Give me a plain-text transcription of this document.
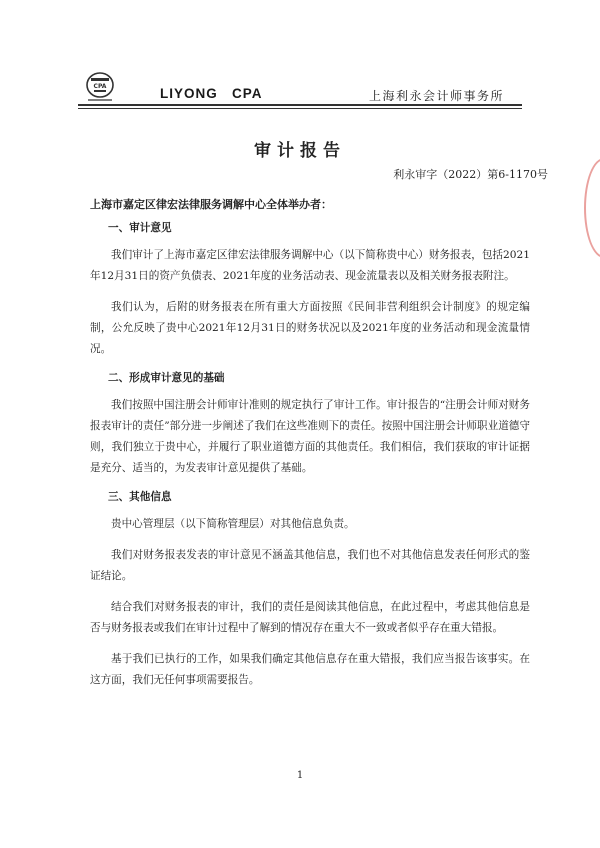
CPA	LIYONG   CPA	上海利永会计师事务所
审计报告
利永审字（2022）第6-1170号
上海市嘉定区律宏法律服务调解中心全体举办者：

一、审计意见

我们审计了上海市嘉定区律宏法律服务调解中心（以下简称贵中心）财务报表，包括2021年12月31日的资产负债表、2021年度的业务活动表、现金流量表以及相关财务报表附注。

我们认为，后附的财务报表在所有重大方面按照《民间非营利组织会计制度》的规定编制，公允反映了贵中心2021年12月31日的财务状况以及2021年度的业务活动和现金流量情况。

二、形成审计意见的基础

我们按照中国注册会计师审计准则的规定执行了审计工作。审计报告的“注册会计师对财务报表审计的责任”部分进一步阐述了我们在这些准则下的责任。按照中国注册会计师职业道德守则，我们独立于贵中心，并履行了职业道德方面的其他责任。我们相信，我们获取的审计证据是充分、适当的，为发表审计意见提供了基础。

三、其他信息

贵中心管理层（以下简称管理层）对其他信息负责。

我们对财务报表发表的审计意见不涵盖其他信息，我们也不对其他信息发表任何形式的鉴证结论。

结合我们对财务报表的审计，我们的责任是阅读其他信息，在此过程中，考虑其他信息是否与财务报表或我们在审计过程中了解到的情况存在重大不一致或者似乎存在重大错报。

基于我们已执行的工作，如果我们确定其他信息存在重大错报，我们应当报告该事实。在这方面，我们无任何事项需要报告。

1
